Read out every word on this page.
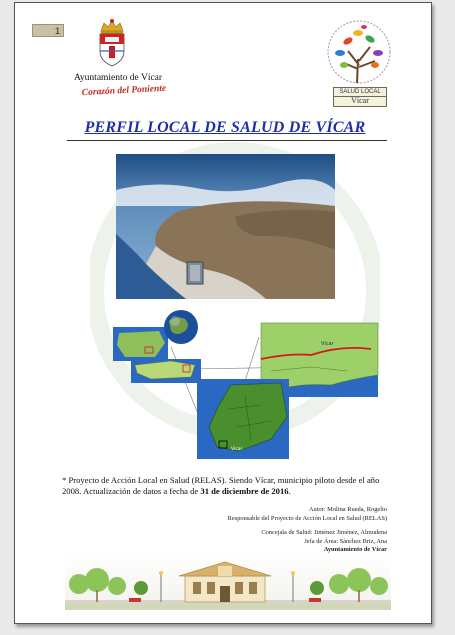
1
Ayuntamiento de Vícar
Corazón del Poniente	SALUD LOCAL
Vícar
PERFIL LOCAL DE SALUD DE VÍCAR
Vícar
Vícar
* Proyecto de Acción Local en Salud (RELAS). Siendo Vícar, municipio piloto desde el año 2008. Actualización de datos a fecha de 31 de diciembre de 2016.
Autor: Molina Rueda, Rogelio
Responsable del Proyecto de Acción Local en Salud (RELAS)
Concejala de Salud: Jiménez Jiménez, Almudena
Jefa de Área: Sánchez Briz, Ana
Ayuntamiento de Vícar
